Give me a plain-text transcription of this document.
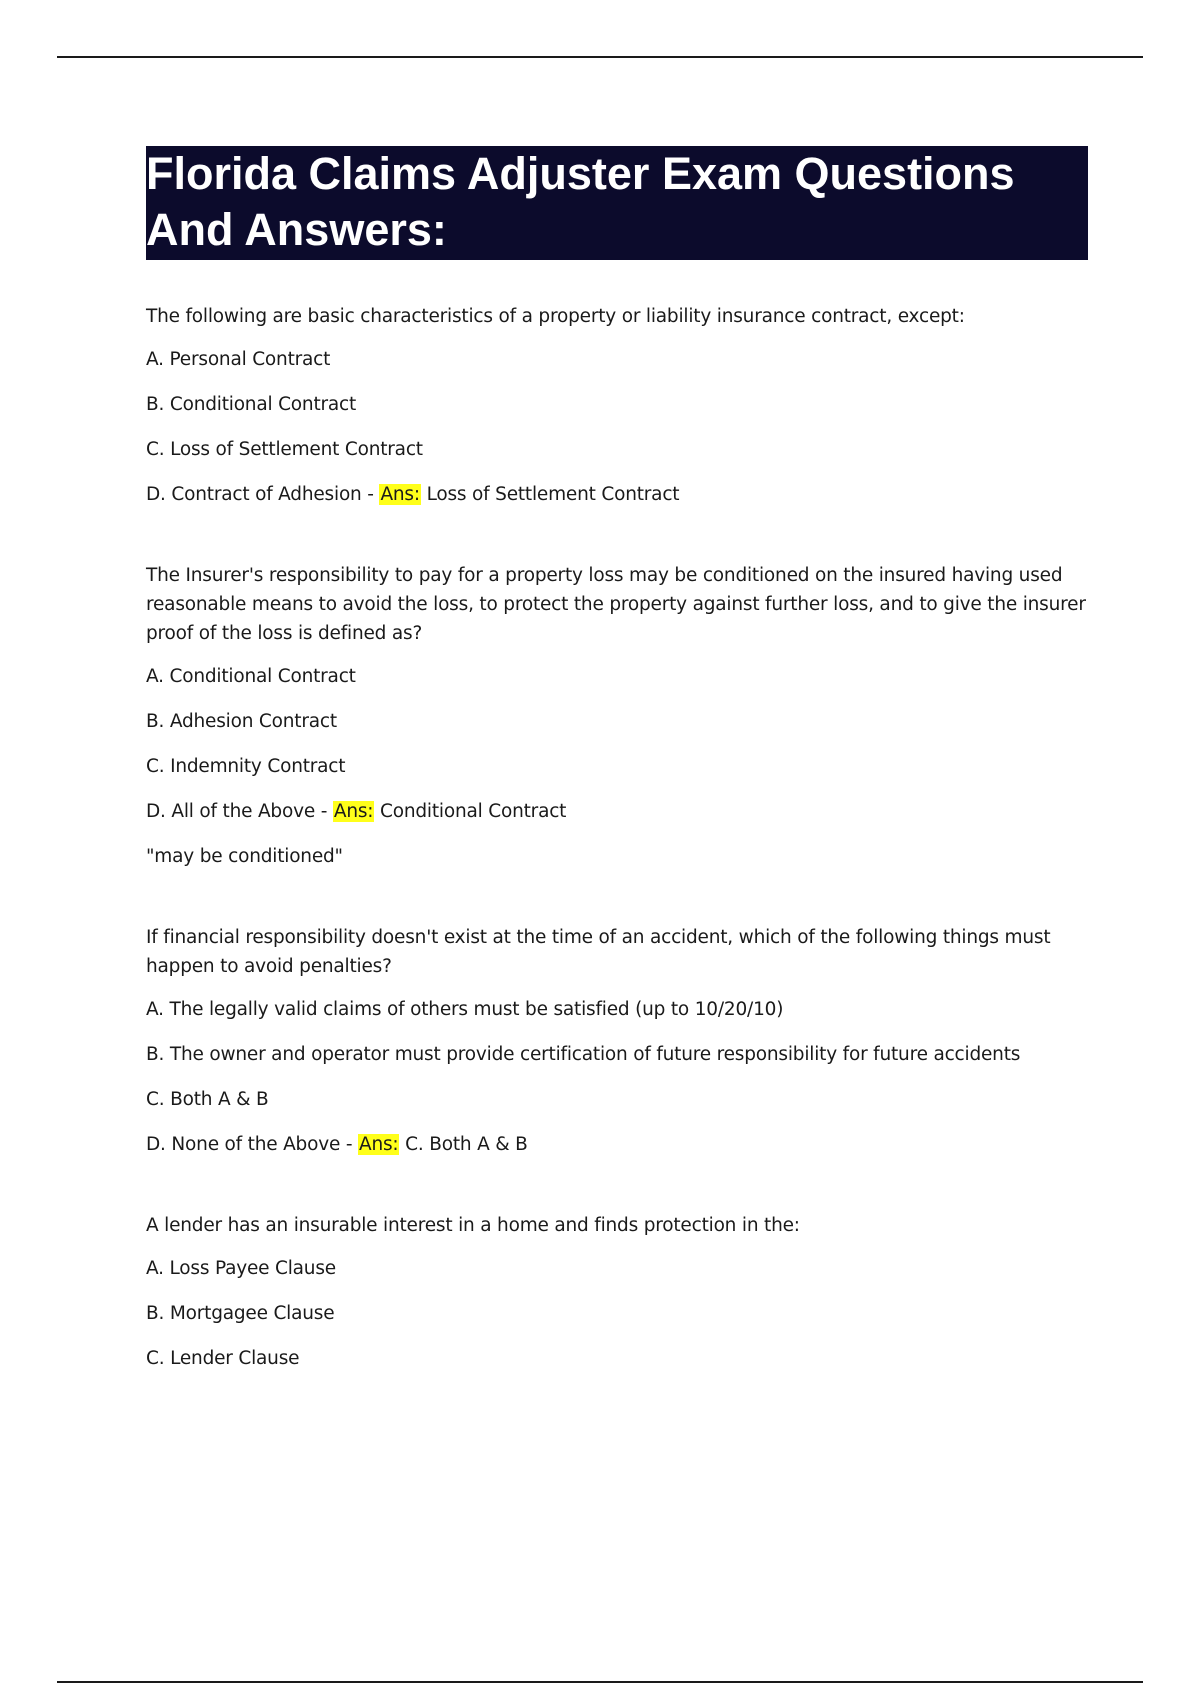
Florida Claims Adjuster Exam Questions And Answers:
The following are basic characteristics of a property or liability insurance contract, except:
A. Personal Contract
B. Conditional Contract
C. Loss of Settlement Contract
D. Contract of Adhesion - Ans: Loss of Settlement Contract
The Insurer's responsibility to pay for a property loss may be conditioned on the insured having used reasonable means to avoid the loss, to protect the property against further loss, and to give the insurer proof of the loss is defined as?
A. Conditional Contract
B. Adhesion Contract
C. Indemnity Contract
D. All of the Above - Ans: Conditional Contract
"may be conditioned"
If financial responsibility doesn't exist at the time of an accident, which of the following things must happen to avoid penalties?
A. The legally valid claims of others must be satisfied (up to 10/20/10)
B. The owner and operator must provide certification of future responsibility for future accidents
C. Both A & B
D. None of the Above - Ans: C. Both A & B
A lender has an insurable interest in a home and finds protection in the:
A. Loss Payee Clause
B. Mortgagee Clause
C. Lender Clause
